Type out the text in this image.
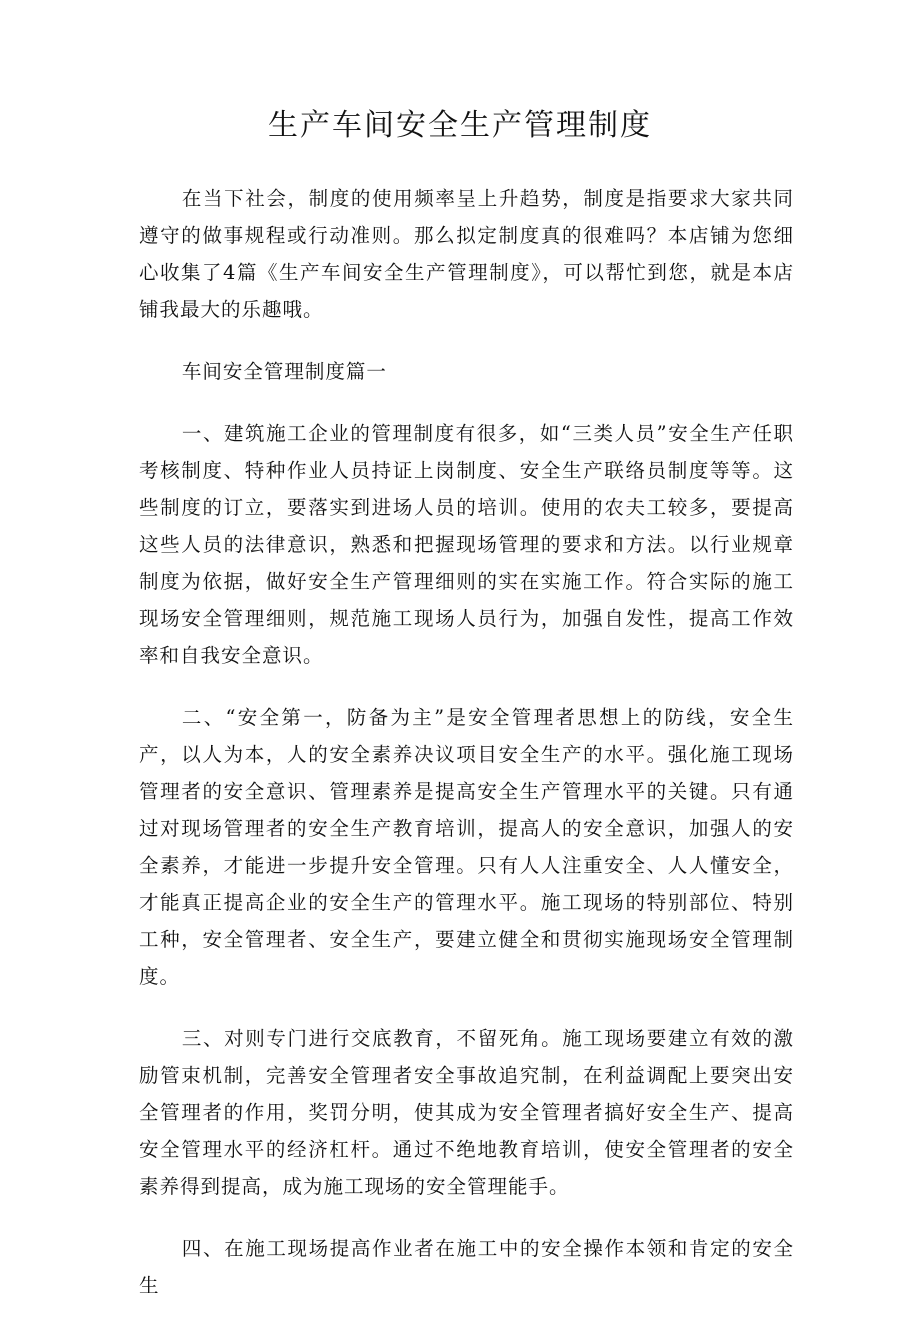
生产车间安全生产管理制度

在当下社会，制度的使用频率呈上升趋势，制度是指要求大家共同遵守的做事规程或行动准则。那么拟定制度真的很难吗？本店铺为您细心收集了4篇《生产车间安全生产管理制度》，可以帮忙到您，就是本店铺我最大的乐趣哦。

车间安全管理制度篇一

一、建筑施工企业的管理制度有很多，如“三类人员”安全生产任职考核制度、特种作业人员持证上岗制度、安全生产联络员制度等等。这些制度的订立，要落实到进场人员的培训。使用的农夫工较多，要提高这些人员的法律意识，熟悉和把握现场管理的要求和方法。以行业规章制度为依据，做好安全生产管理细则的实在实施工作。符合实际的施工现场安全管理细则，规范施工现场人员行为，加强自发性，提高工作效率和自我安全意识。

二、“安全第一，防备为主”是安全管理者思想上的防线，安全生产，以人为本，人的安全素养决议项目安全生产的水平。强化施工现场管理者的安全意识、管理素养是提高安全生产管理水平的关键。只有通过对现场管理者的安全生产教育培训，提高人的安全意识，加强人的安全素养，才能进一步提升安全管理。只有人人注重安全、人人懂安全，才能真正提高企业的安全生产的管理水平。施工现场的特别部位、特别工种，安全管理者、安全生产，要建立健全和贯彻实施现场安全管理制度。

三、对则专门进行交底教育，不留死角。施工现场要建立有效的激励管束机制，完善安全管理者安全事故追究制，在利益调配上要突出安全管理者的作用，奖罚分明，使其成为安全管理者搞好安全生产、提高安全管理水平的经济杠杆。通过不绝地教育培训，使安全管理者的安全素养得到提高，成为施工现场的安全管理能手。

四、在施工现场提高作业者在施工中的安全操作本领和肯定的安全生
